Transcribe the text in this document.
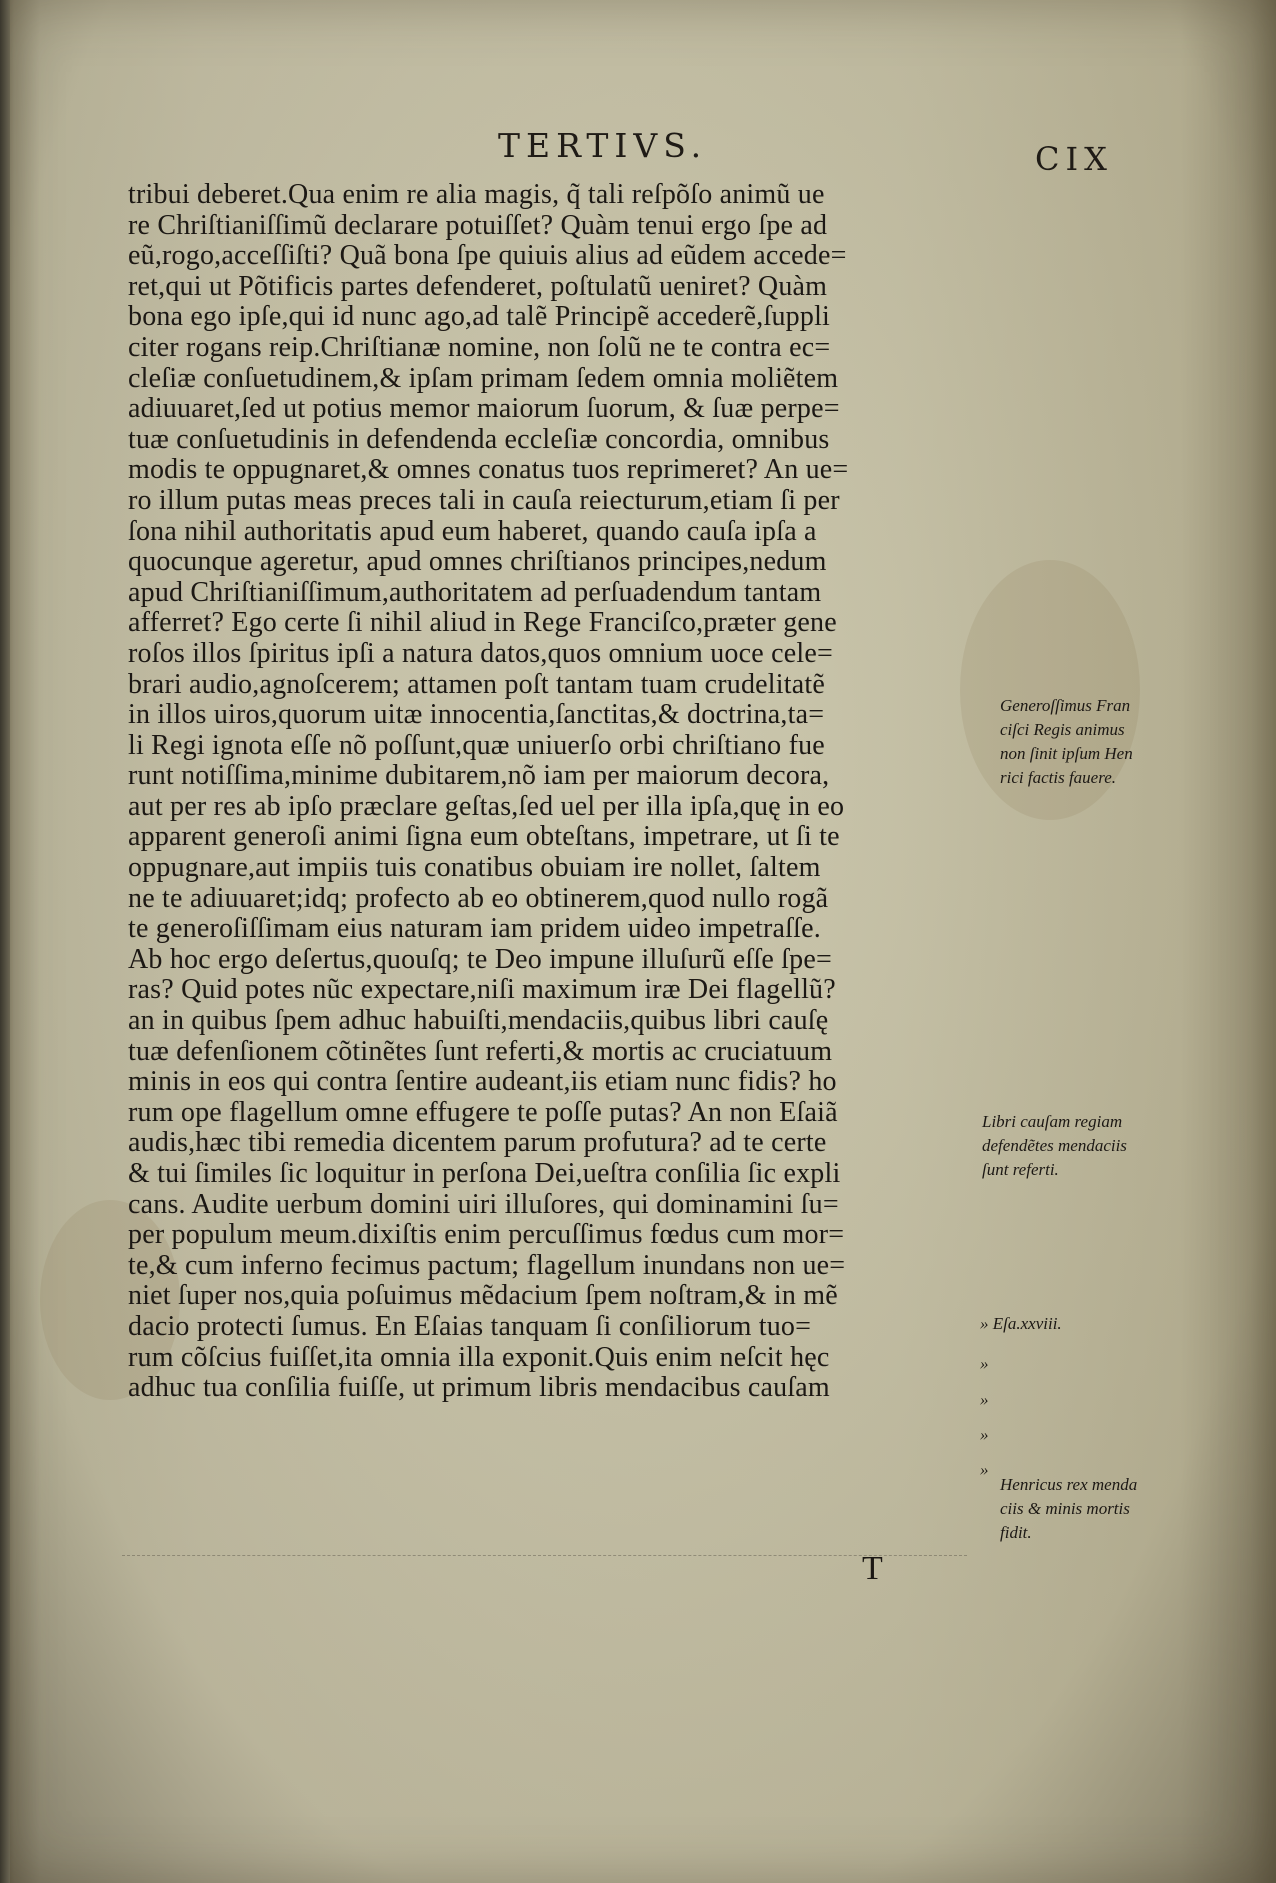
TERTIVS.	CIX
tribui deberet.Qua enim re alia magis, q̃ tali reſpõſo animũ ue
re Chriſtianiſſimũ declarare potuiſſet? Quàm tenui ergo ſpe ad
eũ,rogo,acceſſiſti? Quã bona ſpe quiuis alius ad eũdem accede=
ret,qui ut Põtificis partes defenderet, poſtulatũ ueniret? Quàm
bona ego ipſe,qui id nunc ago,ad talẽ Principẽ accederẽ,ſuppli
citer rogans reip.Chriſtianæ nomine, non ſolũ ne te contra ec=
cleſiæ conſuetudinem,& ipſam primam ſedem omnia moliẽtem
adiuuaret,ſed ut potius memor maiorum ſuorum, & ſuæ perpe=
tuæ conſuetudinis in defendenda eccleſiæ concordia, omnibus
modis te oppugnaret,& omnes conatus tuos reprimeret? An ue=
ro illum putas meas preces tali in cauſa reiecturum,etiam ſi per
ſona nihil authoritatis apud eum haberet, quando cauſa ipſa a
quocunque ageretur, apud omnes chriſtianos principes,nedum
apud Chriſtianiſſimum,authoritatem ad perſuadendum tantam
afferret? Ego certe ſi nihil aliud in Rege Franciſco,præter gene
roſos illos ſpiritus ipſi a natura datos,quos omnium uoce cele=
brari audio,agnoſcerem; attamen poſt tantam tuam crudelitatẽ
in illos uiros,quorum uitæ innocentia,ſanctitas,& doctrina,ta=
li Regi ignota eſſe nõ poſſunt,quæ uniuerſo orbi chriſtiano fue
runt notiſſima,minime dubitarem,nõ iam per maiorum decora,
aut per res ab ipſo præclare geſtas,ſed uel per illa ipſa,quę in eo
apparent generoſi animi ſigna eum obteſtans, impetrare, ut ſi te
oppugnare,aut impiis tuis conatibus obuiam ire nollet, ſaltem
ne te adiuuaret;idq; profecto ab eo obtinerem,quod nullo rogã
te generoſiſſimam eius naturam iam pridem uideo impetraſſe.
Ab hoc ergo deſertus,quouſq; te Deo impune illuſurũ eſſe ſpe=
ras? Quid potes nũc expectare,niſi maximum iræ Dei flagellũ?
an in quibus ſpem adhuc habuiſti,mendaciis,quibus libri cauſę
tuæ defenſionem cõtinẽtes ſunt referti,& mortis ac cruciatuum
minis in eos qui contra ſentire audeant,iis etiam nunc fidis? ho
rum ope flagellum omne effugere te poſſe putas? An non Eſaiã
audis,hæc tibi remedia dicentem parum profutura? ad te certe
& tui ſimiles ſic loquitur in perſona Dei,ueſtra conſilia ſic expli
cans. Audite uerbum domini uiri illuſores, qui dominamini ſu=
per populum meum.dixiſtis enim percuſſimus fœdus cum mor=
te,& cum inferno fecimus pactum; flagellum inundans non ue=
niet ſuper nos,quia poſuimus mẽdacium ſpem noſtram,& in mẽ
dacio protecti ſumus. En Eſaias tanquam ſi conſiliorum tuo=
rum cõſcius fuiſſet,ita omnia illa exponit.Quis enim neſcit hęc
adhuc tua conſilia fuiſſe, ut primum libris mendacibus cauſam
Generoſſimus Fran
ciſci Regis animus
non ſinit ipſum Hen
rici factis fauere.
Libri cauſam regiam
defendẽtes mendaciis
ſunt referti.
» Eſa.xxviii.
»
»
»
»
Henricus rex menda
ciis & minis mortis
fidit.
T
